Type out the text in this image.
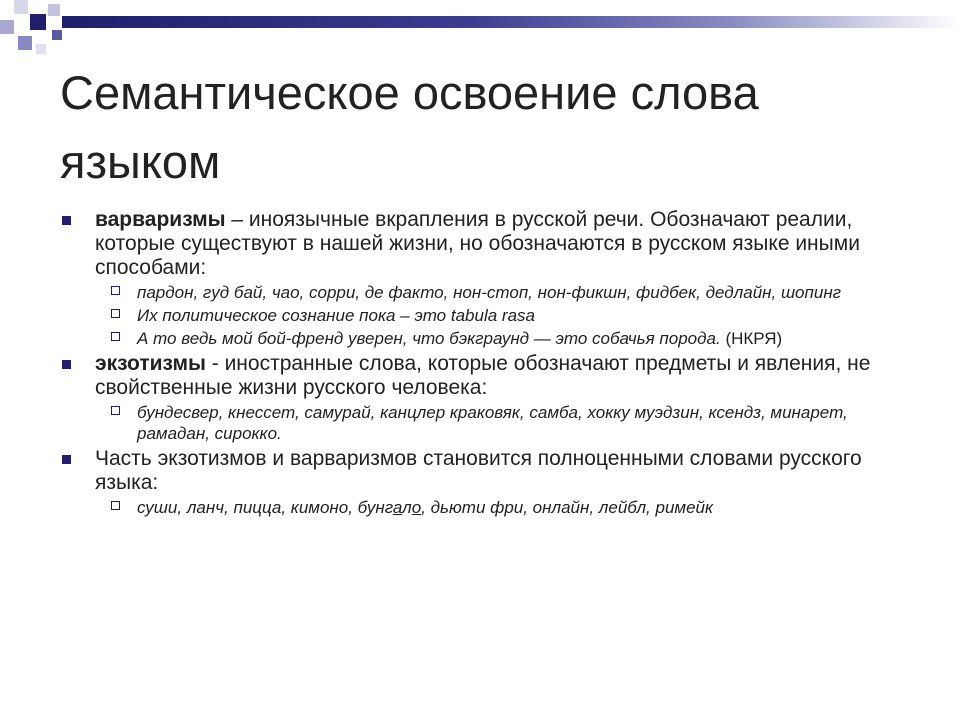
Семантическое освоение слова языком
варваризмы – иноязычные вкрапления в русской речи. Обозначают реалии, которые существуют в нашей жизни, но обозначаются в русском языке иными способами:
пардон, гуд бай, чао, сорри, де факто, нон-стоп, нон-фикшн, фидбек, дедлайн, шопинг
Их политическое сознание пока – это tabula rasa
А то ведь мой бой-френд уверен, что бэкграунд — это собачья порода. (НКРЯ)
экзотизмы - иностранные слова, которые обозначают предметы и явления, не свойственные жизни русского человека:
бундесвер, кнессет, самурай, канцлер краковяк, самба, хокку муэдзин, ксендз, минарет, рамадан, сирокко.
Часть экзотизмов и варваризмов становится полноценными словами русского языка:
суши, ланч, пицца, кимоно, бунгало, дьюти фри, онлайн, лейбл, римейк
